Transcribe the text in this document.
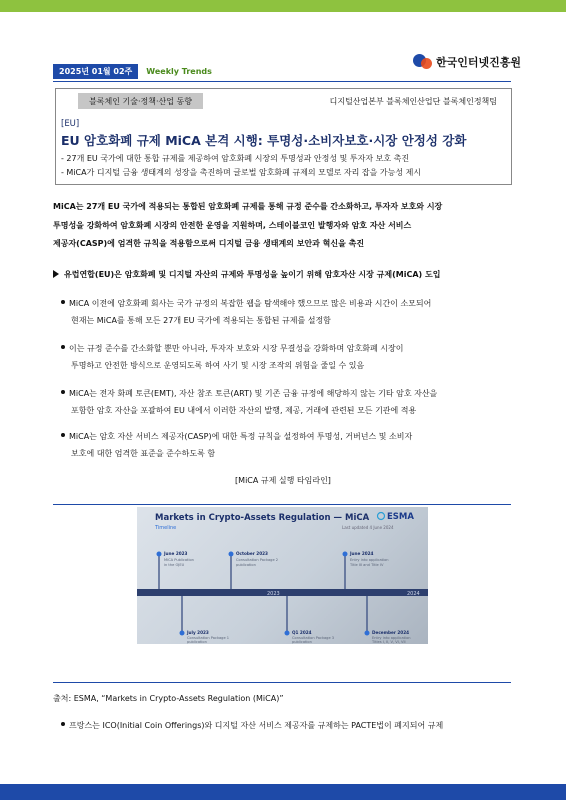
2025년 01월 02주	Weekly Trends
한국인터넷진흥원
블록체인 기술·정책·산업 동향	디지털산업본부 블록체인산업단 블록체인정책팀
[EU]
EU 암호화폐 규제 MiCA 본격 시행: 투명성·소비자보호·시장 안정성 강화
- 27개 EU 국가에 대한 통합 규제를 제공하여 암호화폐 시장의 투명성과 안정성 및 투자자 보호 촉진
- MiCA가 디지털 금융 생태계의 성장을 촉진하며 글로벌 암호화폐 규제의 모델로 자리 잡을 가능성 제시
MiCA는 27개 EU 국가에 적용되는 통합된 암호화폐 규제를 통해 규정 준수를 간소화하고, 투자자 보호와 시장
투명성을 강화하여 암호화폐 시장의 안전한 운영을 지원하며, 스테이블코인 발행자와 암호 자산 서비스
제공자(CASP)에 엄격한 규칙을 적용함으로써 디지털 금융 생태계의 보안과 혁신을 촉진
유럽연합(EU)은 암호화폐 및 디지털 자산의 규제와 투명성을 높이기 위해 암호자산 시장 규제(MiCA) 도입
MiCA 이전에 암호화폐 회사는 국가 규정의 복잡한 웹을 탐색해야 했으므로 많은 비용과 시간이 소모되어
현재는 MiCA를 통해 모든 27개 EU 국가에 적용되는 통합된 규제를 설정함
이는 규정 준수를 간소화할 뿐만 아니라, 투자자 보호와 시장 무결성을 강화하며 암호화폐 시장이
투명하고 안전한 방식으로 운영되도록 하여 사기 및 시장 조작의 위험을 줄일 수 있음
MiCA는 전자 화폐 토큰(EMT), 자산 참조 토큰(ART) 및 기존 금융 규정에 해당하지 않는 기타 암호 자산을
포함한 암호 자산을 포괄하여 EU 내에서 이러한 자산의 발행, 제공, 거래에 관련된 모든 기관에 적용
MiCA는 암호 자산 서비스 제공자(CASP)에 대한 특정 규칙을 설정하여 투명성, 거버넌스 및 소비자
보호에 대한 엄격한 표준을 준수하도록 함
[MiCA 규제 실행 타임라인]
Markets in Crypto-Assets Regulation — MiCA
Timeline	Last updated 4 June 2024
ESMA
2023	2024
June 2023
MiCA Publication
in the OJEU
October 2023
Consultation Package 2
publication
June 2024
Entry into application
Title III and Title IV
July 2023
Consultation Package 1
publication
Q1 2024
Consultation Package 3
publication
December 2024
Entry into application
Titles I, II, V, VI, VII
출처: ESMA, “Markets in Crypto-Assets Regulation (MiCA)”
프랑스는 ICO(Initial Coin Offerings)와 디지털 자산 서비스 제공자를 규제하는 PACTE법이 폐지되어 규제
